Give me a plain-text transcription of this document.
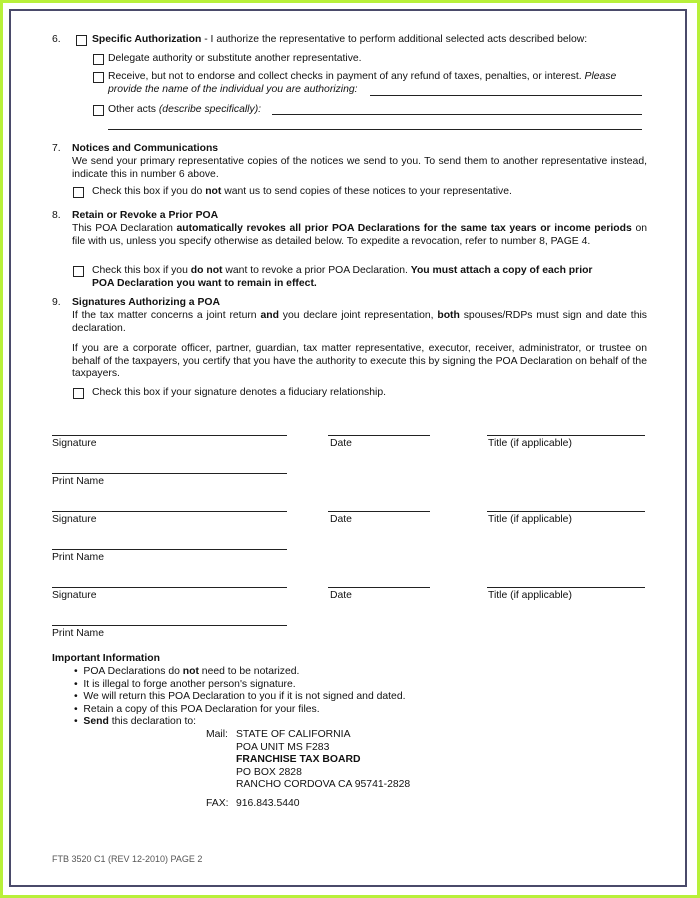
6.	Specific Authorization - I authorize the representative to perform additional selected acts described below:
Delegate authority or substitute another representative.
Receive, but not to endorse and collect checks in payment of any refund of taxes, penalties, or interest. Please
provide the name of the individual you are authorizing:
Other acts (describe specifically):
7. Notices and Communications
We send your primary representative copies of the notices we send to you. To send them to another representative instead, indicate this in number 6 above.
Check this box if you do not want us to send copies of these notices to your representative.
8. Retain or Revoke a Prior POA
This POA Declaration automatically revokes all prior POA Declarations for the same tax years or income periods on file with us, unless you specify otherwise as detailed below. To expedite a revocation, refer to number 8, PAGE 4.
Check this box if you do not want to revoke a prior POA Declaration. You must attach a copy of each prior
POA Declaration you want to remain in effect.
9. Signatures Authorizing a POA
If the tax matter concerns a joint return and you declare joint representation, both spouses/RDPs must sign and date this declaration.
If you are a corporate officer, partner, guardian, tax matter representative, executor, receiver, administrator, or trustee on behalf of the taxpayers, you certify that you have the authority to execute this by signing the POA Declaration on behalf of the taxpayers.
Check this box if your signature denotes a fiduciary relationship.
Signature	Date	Title (if applicable)
Print Name
Signature	Date	Title (if applicable)
Print Name
Signature	Date	Title (if applicable)
Print Name
Important Information
•  POA Declarations do not need to be notarized.
•  It is illegal to forge another person's signature.
•  We will return this POA Declaration to you if it is not signed and dated.
•  Retain a copy of this POA Declaration for your files.
•  Send this declaration to:
Mail: STATE OF CALIFORNIA
POA UNIT MS F283
FRANCHISE TAX BOARD
PO BOX 2828
RANCHO CORDOVA CA 95741-2828
FAX: 916.843.5440
FTB 3520 C1 (REV 12-2010) PAGE 2
